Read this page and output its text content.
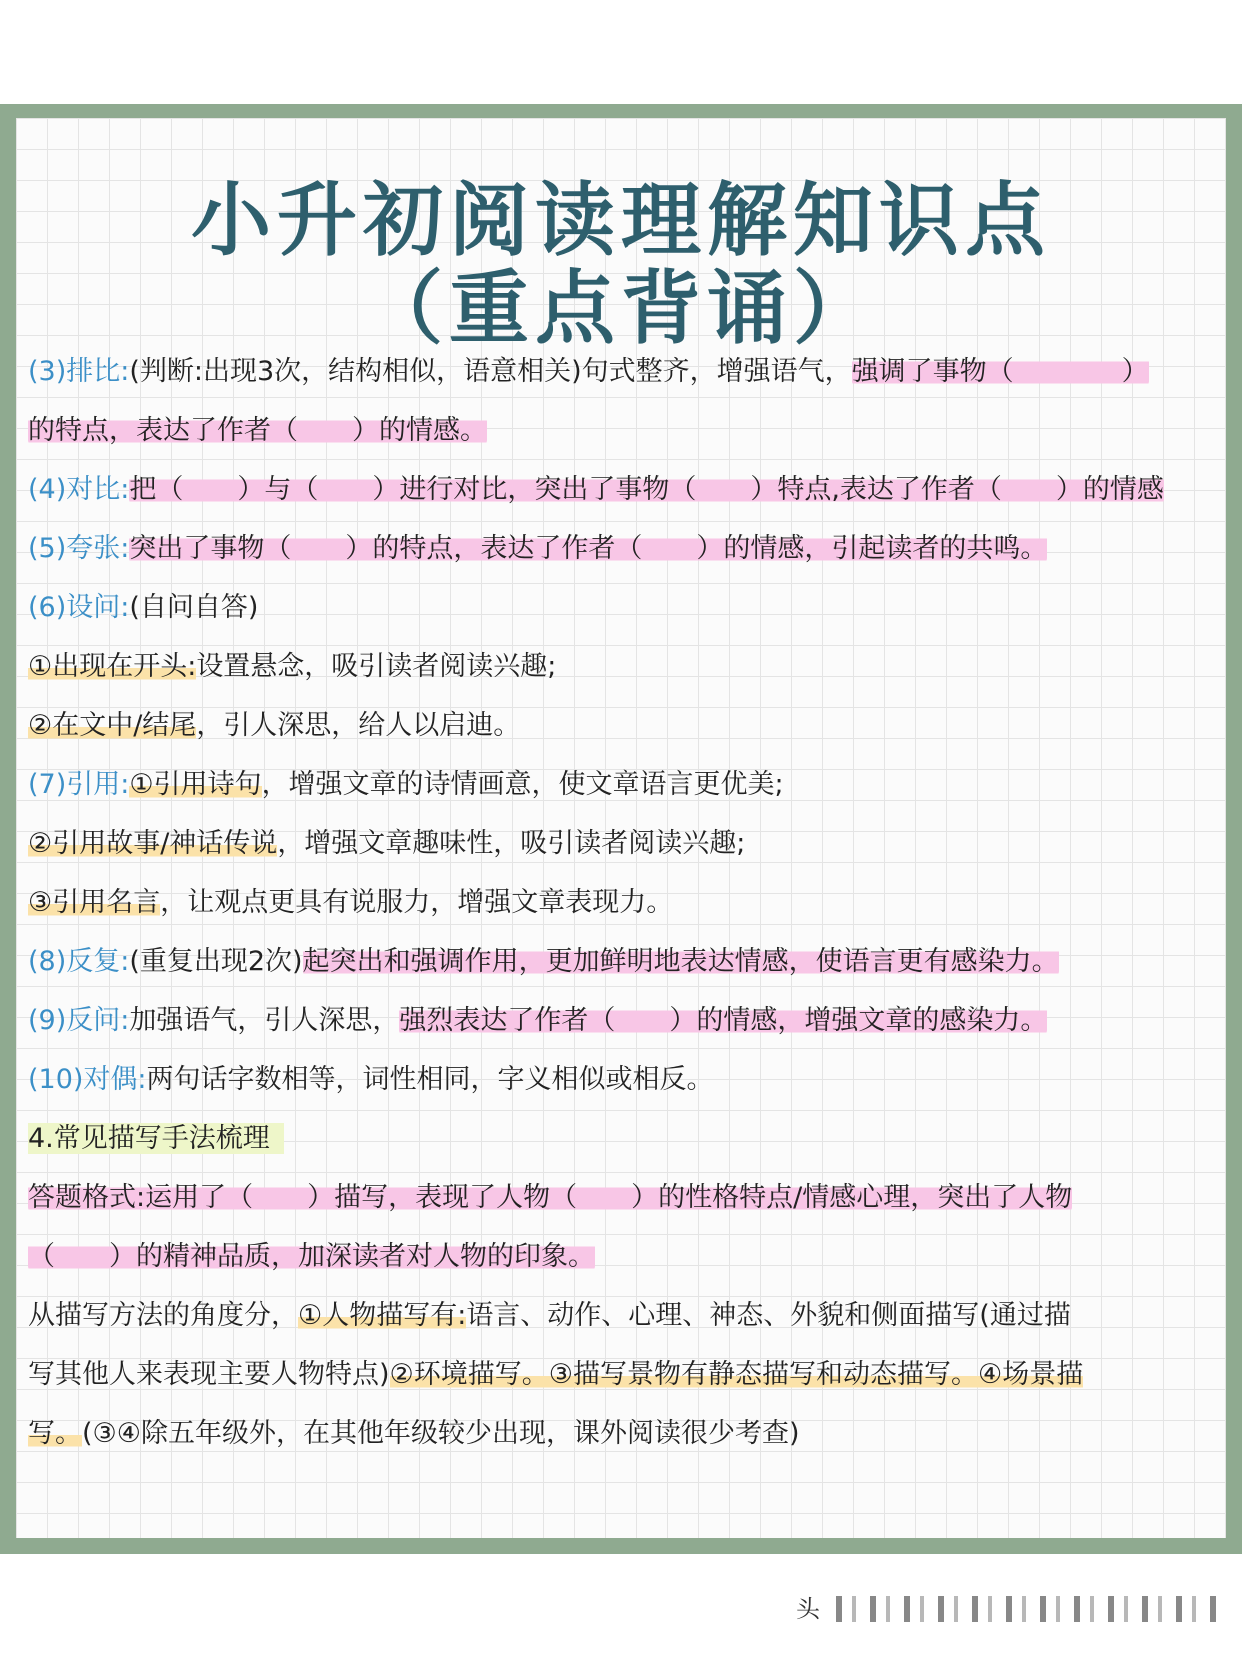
小升初阅读理解知识点
（重点背诵）
(3)排比:(判断:出现3次，结构相似，语意相关)句式整齐，增强语气，强调了事物（　　　　）
的特点，表达了作者（　　）的情感。
(4)对比:把（　　）与（　　）进行对比，突出了事物（　　）特点,表达了作者（　　）的情感
(5)夸张:突出了事物（　　）的特点，表达了作者（　　）的情感，引起读者的共鸣。
(6)设问:(自问自答)
①出现在开头:设置悬念，吸引读者阅读兴趣;
②在文中/结尾，引人深思，给人以启迪。
(7)引用:①引用诗句，增强文章的诗情画意，使文章语言更优美;
②引用故事/神话传说，增强文章趣味性，吸引读者阅读兴趣;
③引用名言，让观点更具有说服力，增强文章表现力。
(8)反复:(重复出现2次)起突出和强调作用，更加鲜明地表达情感，使语言更有感染力。
(9)反问:加强语气，引人深思，强烈表达了作者（　　）的情感，增强文章的感染力。
(10)对偶:两句话字数相等，词性相同，字义相似或相反。
4.常见描写手法梳理
答题格式:运用了（　　）描写，表现了人物（　　）的性格特点/情感心理，突出了人物
（　　）的精神品质，加深读者对人物的印象。
从描写方法的角度分，①人物描写有:语言、动作、心理、神态、外貌和侧面描写(通过描
写其他人来表现主要人物特点)②环境描写。③描写景物有静态描写和动态描写。④场景描
写。(③④除五年级外，在其他年级较少出现，课外阅读很少考查)
头
